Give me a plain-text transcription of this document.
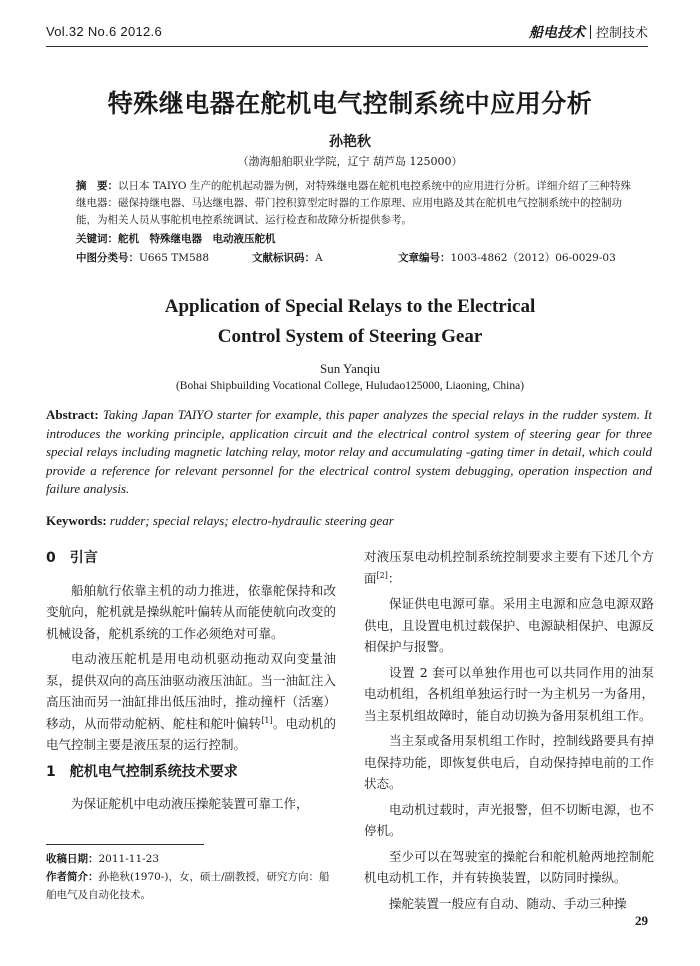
Vol.32 No.6 2012.6	船电技术 控制技术
特殊继电器在舵机电气控制系统中应用分析
孙艳秋
（渤海船舶职业学院，辽宁 葫芦岛 125000）
摘　要：以日本 TAIYO 生产的舵机起动器为例，对特殊继电器在舵机电控系统中的应用进行分析。详细介绍了三种特殊继电器：磁保持继电器、马达继电器、带门控积算型定时器的工作原理、应用电路及其在舵机电气控制系统中的控制功能，为相关人员从事舵机电控系统调试、运行检查和故障分析提供参考。
关键词：舵机　特殊继电器　电动液压舵机
中图分类号：U665 TM588	文献标识码：A	文章编号：1003-4862（2012）06-0029-03
Application of Special Relays to the Electrical
Control System of Steering Gear
Sun Yanqiu
(Bohai Shipbuilding Vocational College, Huludao125000, Liaoning, China)
Abstract: Taking Japan TAIYO starter for example, this paper analyzes the special relays in the rudder system. It introduces the working principle, application circuit and the electrical control system of steering gear for three special relays including magnetic latching relay, motor relay and accumulating -gating timer in detail, which could provide a reference for relevant personnel for the electrical control system debugging, operation inspection and failure analysis.
Keywords: rudder; special relays; electro-hydraulic steering gear
0　引言

船舶航行依靠主机的动力推进，依靠舵保持和改变航向，舵机就是操纵舵叶偏转从而能使航向改变的机械设备，舵机系统的工作必须绝对可靠。

电动液压舵机是用电动机驱动拖动双向变量油泵，提供双向的高压油驱动液压油缸。当一油缸注入高压油而另一油缸排出低压油时，推动撞杆（活塞）移动，从而带动舵柄、舵柱和舵叶偏转[1]。电动机的电气控制主要是液压泵的运行控制。

1　舵机电气控制系统技术要求

为保证舵机中电动液压操舵装置可靠工作，

对液压泵电动机控制系统控制要求主要有下述几个方面[2]：

保证供电电源可靠。采用主电源和应急电源双路供电，且设置电机过载保护、电源缺相保护、电源反相保护与报警。

设置 2 套可以单独作用也可以共同作用的油泵电动机组，各机组单独运行时一为主机另一为备用，当主泵机组故障时，能自动切换为备用泵机组工作。

当主泵或备用泵机组工作时，控制线路要具有掉电保持功能，即恢复供电后，自动保持掉电前的工作状态。

电动机过载时，声光报警，但不切断电源，也不停机。

至少可以在驾驶室的操舵台和舵机舱两地控制舵机电动机工作，并有转换装置，以防同时操纵。

操舵装置一般应有自动、随动、手动三种操

收稿日期：2011-11-23
作者简介：孙艳秋(1970-)，女，硕士/副教授，研究方向：船舶电气及自动化技术。
29
